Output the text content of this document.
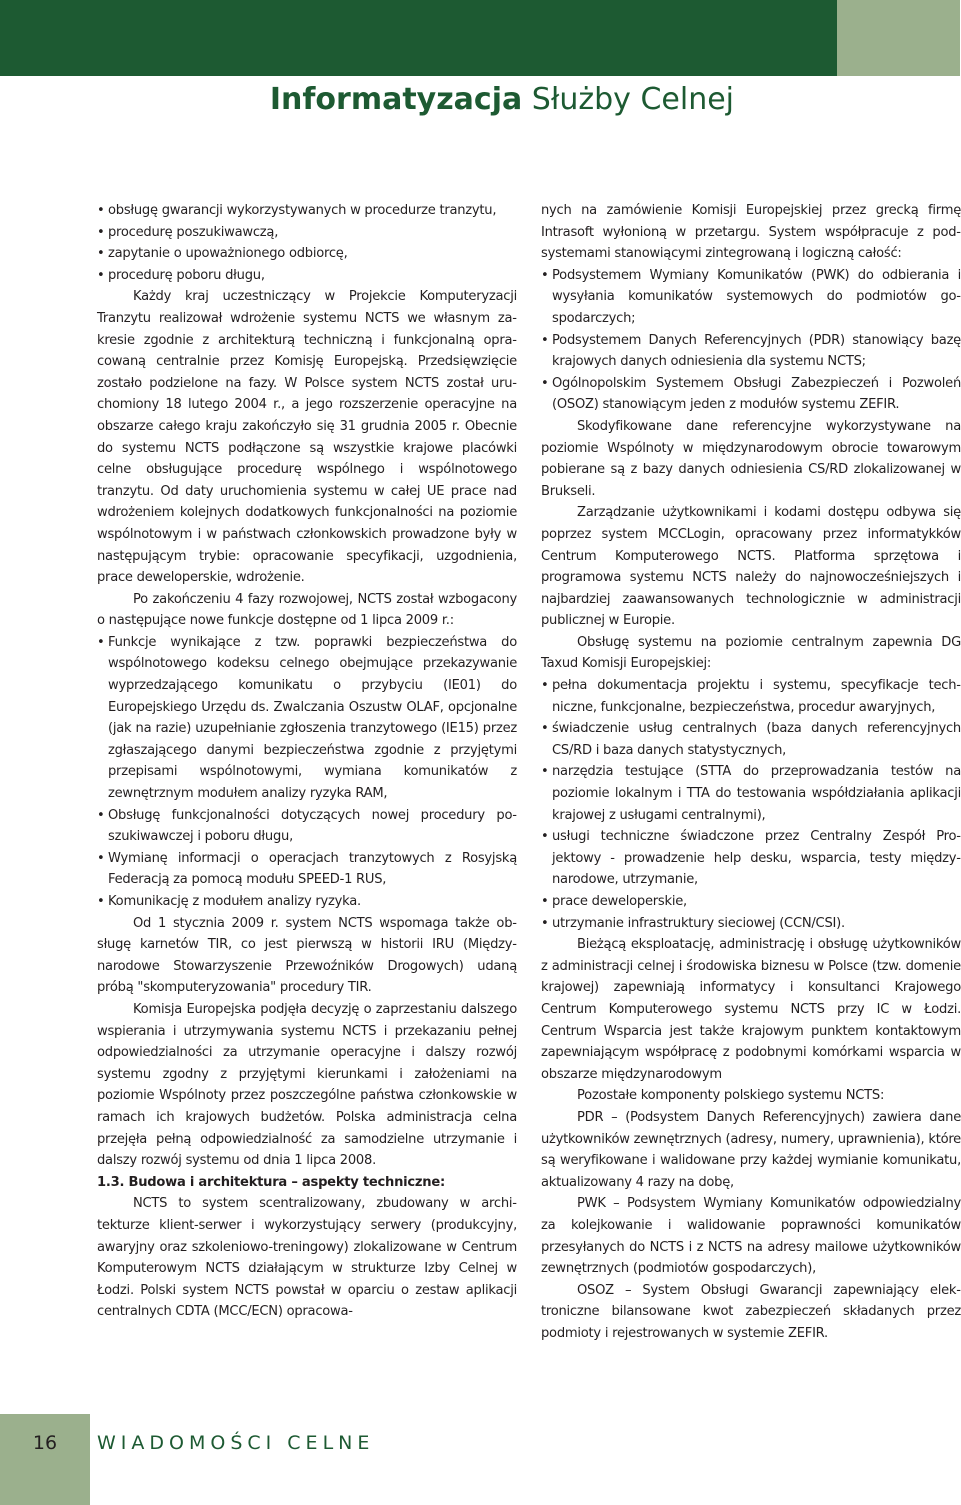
Informatyzacja Służby Celnej
• obsługę gwarancji wykorzystywanych w procedurze tranzytu,
• procedurę poszukiwawczą,
• zapytanie o upoważnionego odbiorcę,
• procedurę poboru długu,

Każdy kraj uczestniczący w Projekcie Komputeryzacji Tranzytu realizował wdrożenie systemu NCTS we własnym zakresie zgodnie z architekturą techniczną i funkcjonalną opracowaną centralnie przez Komisję Europejską. Przedsięwzięcie zostało podzielone na fazy. W Polsce system NCTS został uruchomiony 18 lutego 2004 r., a jego rozszerzenie operacyjne na obszarze całego kraju zakończyło się 31 grudnia 2005 r. Obecnie do systemu NCTS podłączone są wszystkie krajowe placówki celne obsługujące procedurę wspólnego i wspólnotowego tranzytu. Od daty uruchomienia systemu w całej UE prace nad wdrożeniem kolejnych dodatkowych funkcjonalności na poziomie wspólnotowym i w państwach członkowskich prowadzone były w następującym trybie: opracowanie specyfikacji, uzgodnienia, prace deweloperskie, wdrożenie.

Po zakończeniu 4 fazy rozwojowej, NCTS został wzbogacony o następujące nowe funkcje dostępne od 1 lipca 2009 r.:

• Funkcje wynikające z tzw. poprawki bezpieczeństwa do wspólnotowego kodeksu celnego obejmujące przekazywanie wyprzedzającego komunikatu o przybyciu (IE01) do Europejskiego Urzędu ds. Zwalczania Oszustw OLAF, opcjonalne (jak na razie) uzupełnianie zgłoszenia tranzytowego (IE15) przez zgłaszającego danymi bezpieczeństwa zgodnie z przyjętymi przepisami wspólnotowymi, wymiana komunikatów z zewnętrznym modułem analizy ryzyka RAM,
• Obsługę funkcjonalności dotyczących nowej procedury poszukiwawczej i poboru długu,
• Wymianę informacji o operacjach tranzytowych z Rosyjską Federacją za pomocą modułu SPEED-1 RUS,
• Komunikację z modułem analizy ryzyka.

Od 1 stycznia 2009 r. system NCTS wspomaga także obsługę karnetów TIR, co jest pierwszą w historii IRU (Międzynarodowe Stowarzyszenie Przewoźników Drogowych) udaną próbą "skomputeryzowania" procedury TIR.

Komisja Europejska podjęła decyzję o zaprzestaniu dalszego wspierania i utrzymywania systemu NCTS i przekazaniu pełnej odpowiedzialności za utrzymanie operacyjne i dalszy rozwój systemu zgodny z przyjętymi kierunkami i założeniami na poziomie Wspólnoty przez poszczególne państwa członkowskie w ramach ich krajowych budżetów. Polska administracja celna przejęła pełną odpowiedzialność za samodzielne utrzymanie i dalszy rozwój systemu od dnia 1 lipca 2008.

1.3. Budowa i architektura – aspekty techniczne:

NCTS to system scentralizowany, zbudowany w architekturze klient-serwer i wykorzystujący serwery (produkcyjny, awaryjny oraz szkoleniowo-treningowy) zlokalizowane w Centrum Komputerowym NCTS działającym w strukturze Izby Celnej w Łodzi. Polski system NCTS powstał w oparciu o zestaw aplikacji centralnych CDTA (MCC/ECN) opracowa-

nych na zamówienie Komisji Europejskiej przez grecką firmę Intrasoft wyłonioną w przetargu. System współpracuje z podsystemami stanowiącymi zintegrowaną i logiczną całość:

• Podsystemem Wymiany Komunikatów (PWK) do odbierania i wysyłania komunikatów systemowych do podmiotów gospodarczych;
• Podsystemem Danych Referencyjnych (PDR) stanowiący bazę krajowych danych odniesienia dla systemu NCTS;
• Ogólnopolskim Systemem Obsługi Zabezpieczeń i Pozwoleń (OSOZ) stanowiącym jeden z modułów systemu ZEFIR.

Skodyfikowane dane referencyjne wykorzystywane na poziomie Wspólnoty w międzynarodowym obrocie towarowym pobierane są z bazy danych odniesienia CS/RD zlokalizowanej w Brukseli.

Zarządzanie użytkownikami i kodami dostępu odbywa się poprzez system MCCLogin, opracowany przez informatykków Centrum Komputerowego NCTS. Platforma sprzętowa i programowa systemu NCTS należy do najnowocześniejszych i najbardziej zaawansowanych technologicznie w administracji publicznej w Europie.

Obsługę systemu na poziomie centralnym zapewnia DG Taxud Komisji Europejskiej:

• pełna dokumentacja projektu i systemu, specyfikacje techniczne, funkcjonalne, bezpieczeństwa, procedur awaryjnych,
• świadczenie usług centralnych (baza danych referencyjnych CS/RD i baza danych statystycznych,
• narzędzia testujące (STTA do przeprowadzania testów na poziomie lokalnym i TTA do testowania współdziałania aplikacji krajowej z usługami centralnymi),
• usługi techniczne świadczone przez Centralny Zespół Projektowy - prowadzenie help desku, wsparcia, testy międzynarodowe, utrzymanie,
• prace deweloperskie,
• utrzymanie infrastruktury sieciowej (CCN/CSI).

Bieżącą eksploatację, administrację i obsługę użytkowników z administracji celnej i środowiska biznesu w Polsce (tzw. domenie krajowej) zapewniają informatycy i konsultanci Krajowego Centrum Komputerowego systemu NCTS przy IC w Łodzi. Centrum Wsparcia jest także krajowym punktem kontaktowym zapewniającym współpracę z podobnymi komórkami wsparcia w obszarze międzynarodowym

Pozostałe komponenty polskiego systemu NCTS:

PDR – (Podsystem Danych Referencyjnych) zawiera dane użytkowników zewnętrznych (adresy, numery, uprawnienia), które są weryfikowane i walidowane przy każdej wymianie komunikatu, aktualizowany 4 razy na dobę,

PWK – Podsystem Wymiany Komunikatów odpowiedzialny za kolejkowanie i walidowanie poprawności komunikatów przesyłanych do NCTS i z NCTS na adresy mailowe użytkowników zewnętrznych (podmiotów gospodarczych),

OSOZ – System Obsługi Gwarancji zapewniający elektroniczne bilansowane kwot zabezpieczeń składanych przez podmioty i rejestrowanych w systemie ZEFIR.

16	WIADOMOŚCI CELNE
